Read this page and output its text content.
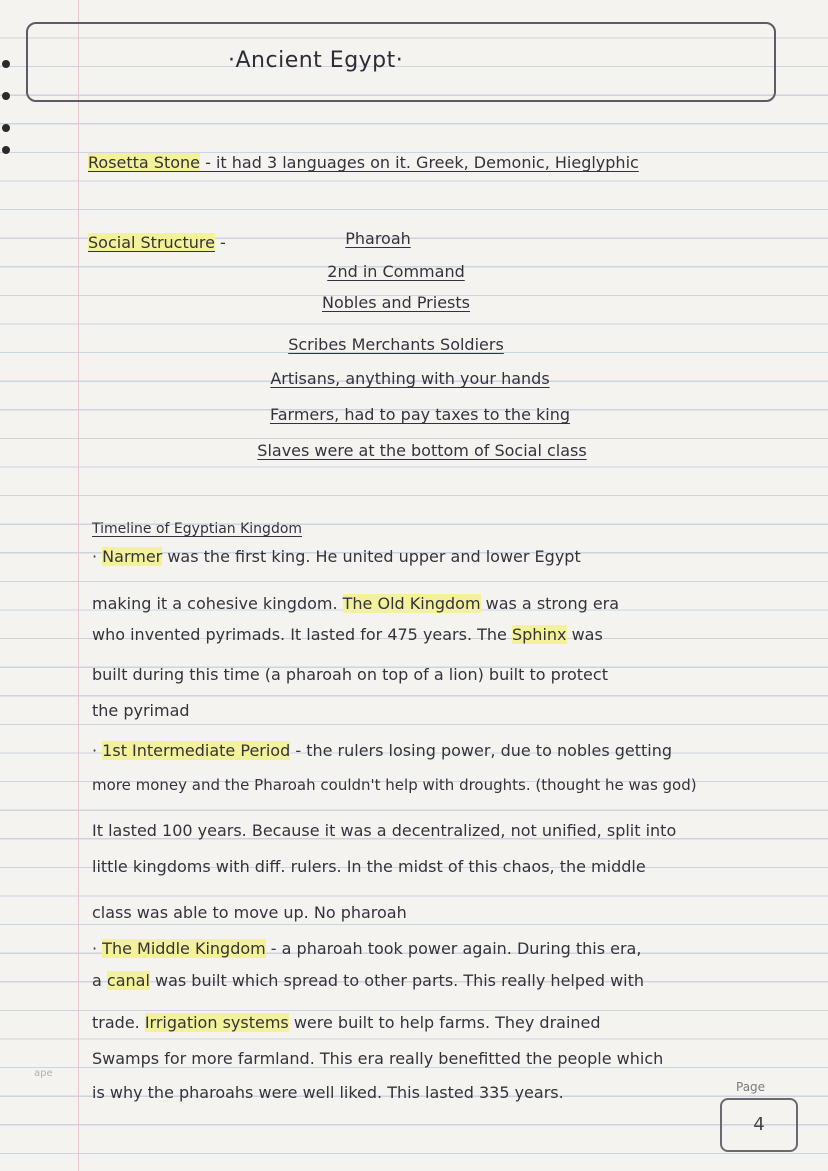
·Ancient Egypt·
Rosetta Stone - it had 3 languages on it. Greek, Demonic, Hieglyphic
Social Structure -	Pharoah
2nd in Command
Nobles and Priests
Scribes Merchants Soldiers
Artisans, anything with your hands
Farmers, had to pay taxes to the king
Slaves were at the bottom of Social class
Timeline of Egyptian Kingdom
· Narmer was the first king. He united upper and lower Egypt
making it a cohesive kingdom. The Old Kingdom was a strong era
who invented pyrimads. It lasted for 475 years. The Sphinx was
built during this time (a pharoah on top of a lion) built to protect
the pyrimad
· 1st Intermediate Period - the rulers losing power, due to nobles getting
more money and the Pharoah couldn't help with droughts. (thought he was god)
It lasted 100 years. Because it was a decentralized, not unified, split into
little kingdoms with diff. rulers. In the midst of this chaos, the middle
class was able to move up. No pharoah
· The Middle Kingdom - a pharoah took power again. During this era,
a canal was built which spread to other parts. This really helped with
trade. Irrigation systems were built to help farms. They drained
Swamps for more farmland. This era really benefitted the people which
is why the pharoahs were well liked. This lasted 335 years.
ape
Page
4
